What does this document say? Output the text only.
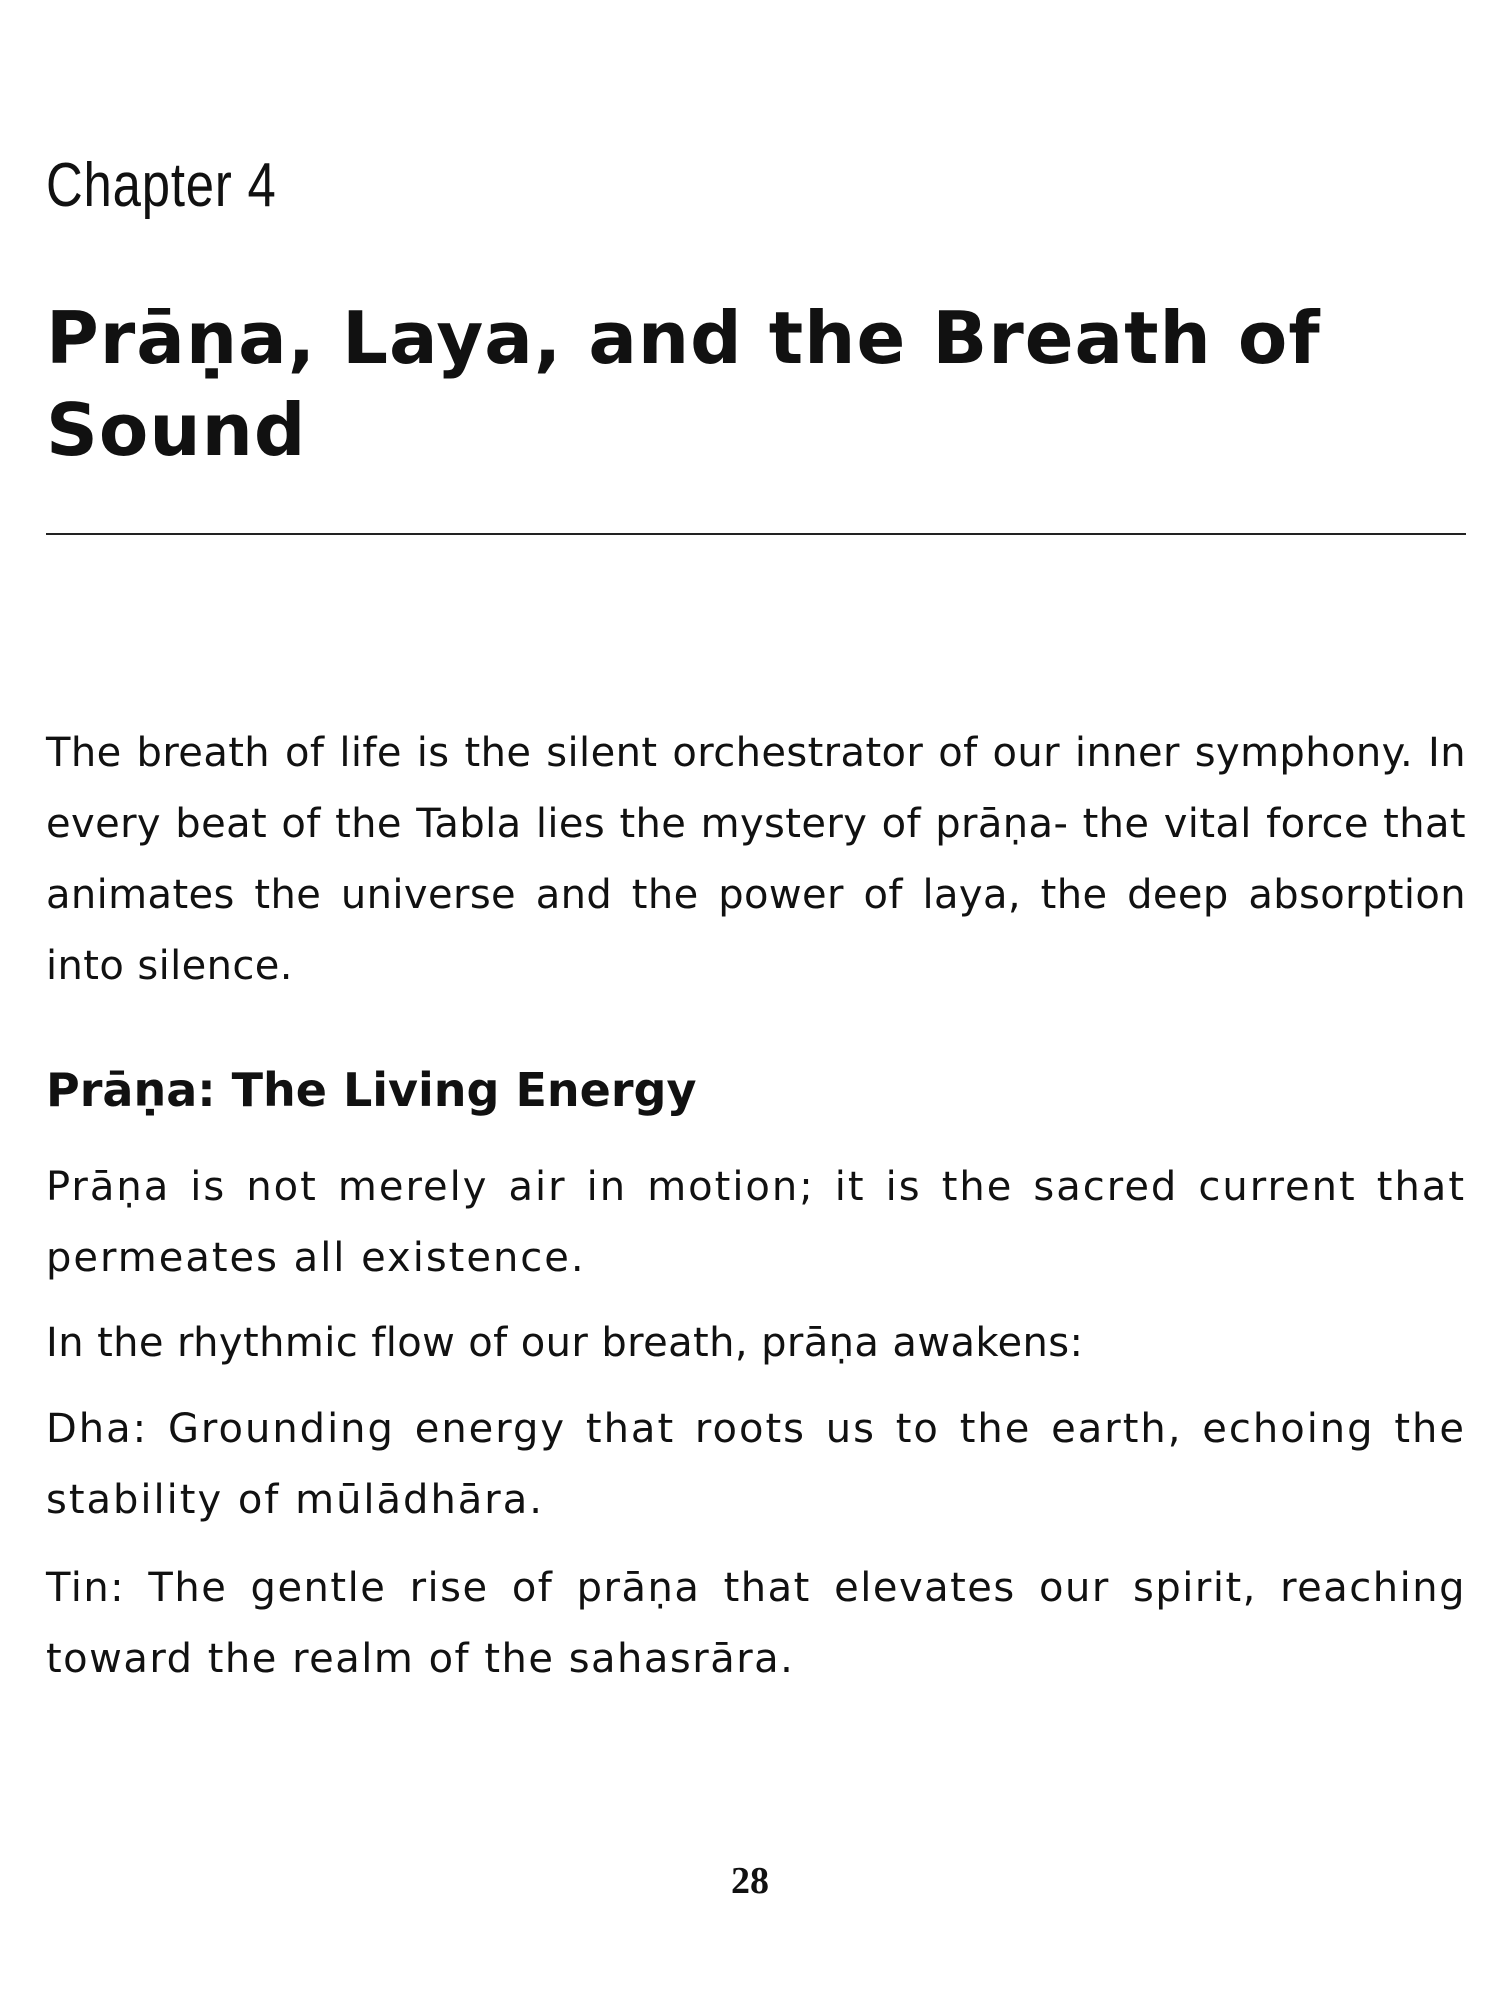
Chapter 4
Prāṇa, Laya, and the Breath of Sound

The breath of life is the silent orchestrator of our inner symphony. In every beat of the Tabla lies the mystery of prāṇa- the vital force that animates the universe and the power of laya, the deep absorption into silence.

Prāṇa: The Living Energy

Prāṇa is not merely air in motion; it is the sacred current that permeates all existence.

In the rhythmic flow of our breath, prāṇa awakens:

Dha: Grounding energy that roots us to the earth, echoing the stability of mūlādhāra.

Tin: The gentle rise of prāṇa that elevates our spirit, reaching toward the realm of the sahasrāra.

28
